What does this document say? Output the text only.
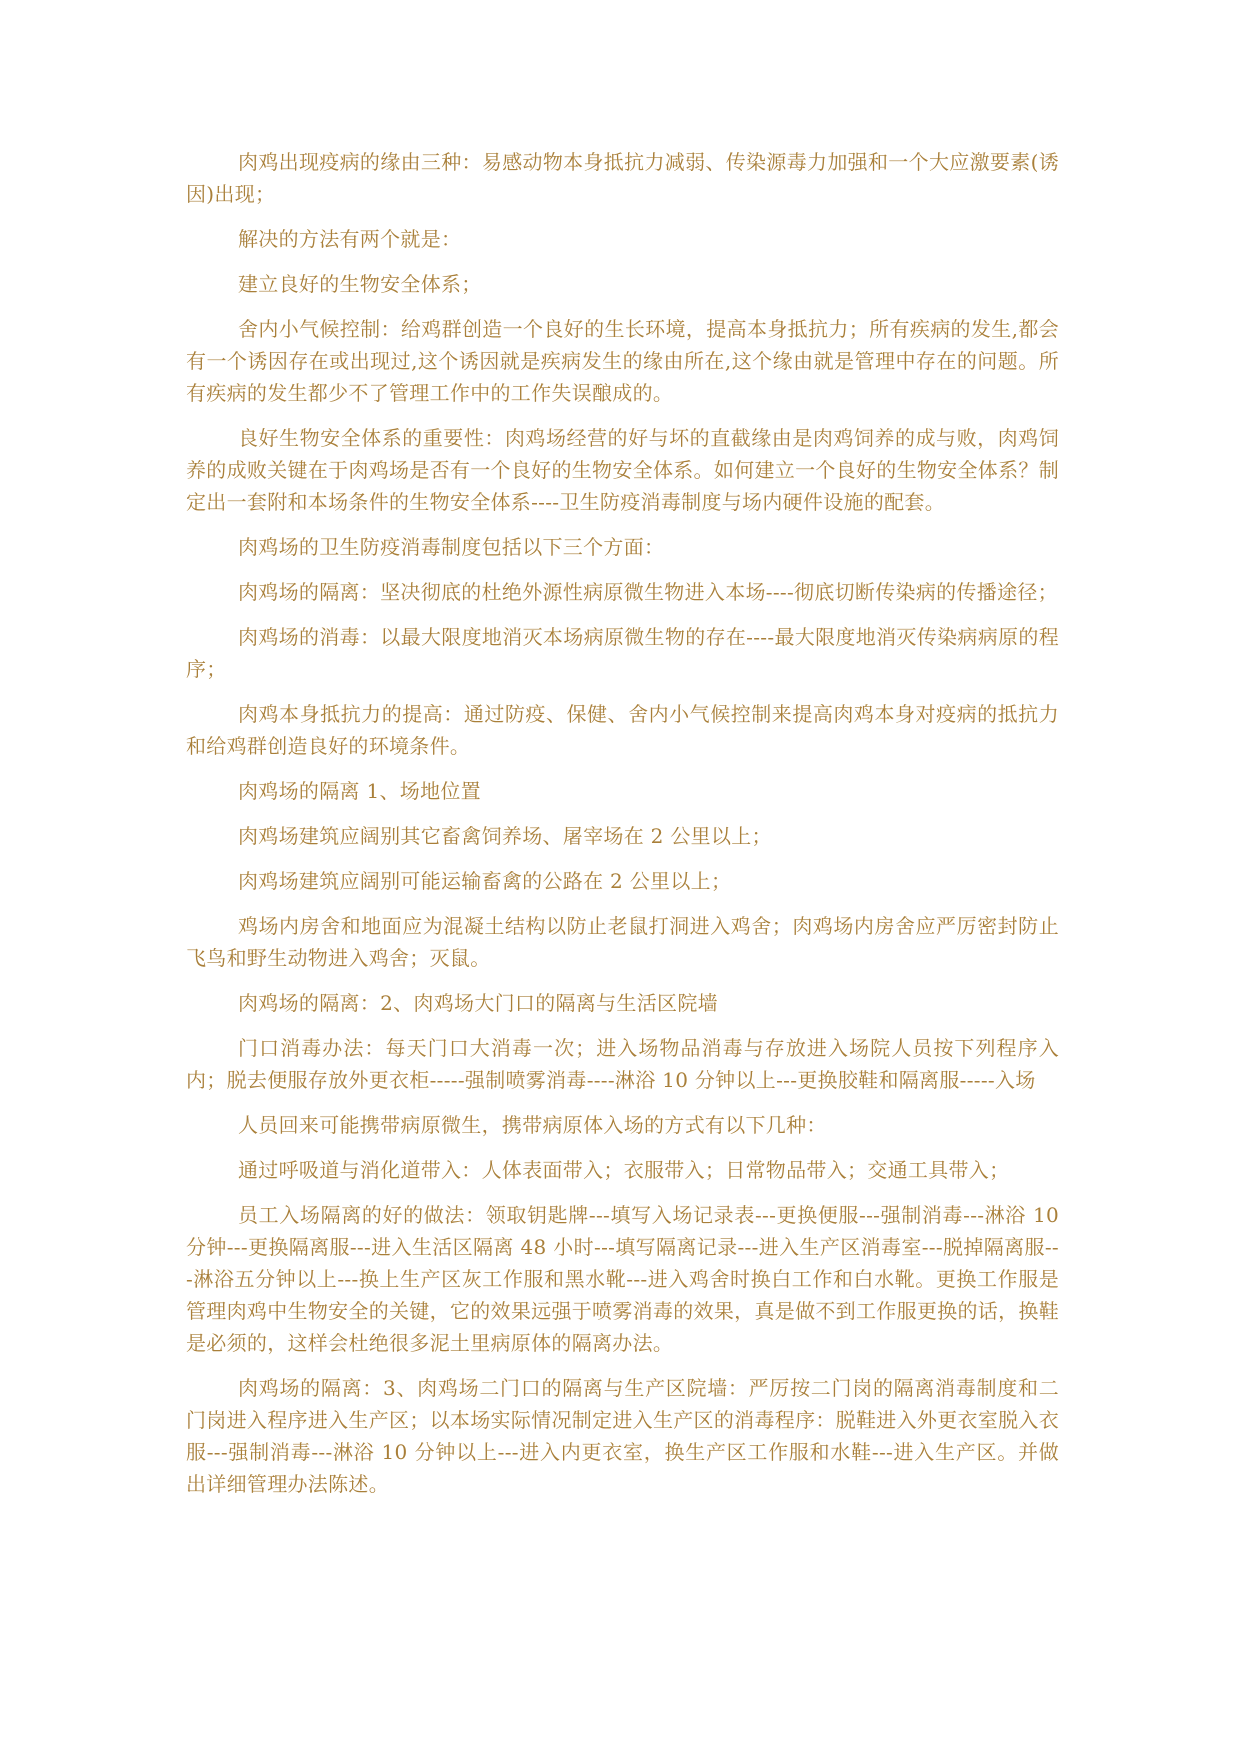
肉鸡出现疫病的缘由三种：易感动物本身抵抗力减弱、传染源毒力加强和一个大应激要素(诱因)出现；

解决的方法有两个就是：

建立良好的生物安全体系；

舍内小气候控制：给鸡群创造一个良好的生长环境，提高本身抵抗力；所有疾病的发生,都会有一个诱因存在或出现过,这个诱因就是疾病发生的缘由所在,这个缘由就是管理中存在的问题。所有疾病的发生都少不了管理工作中的工作失误酿成的。

良好生物安全体系的重要性：肉鸡场经营的好与坏的直截缘由是肉鸡饲养的成与败，肉鸡饲养的成败关键在于肉鸡场是否有一个良好的生物安全体系。如何建立一个良好的生物安全体系？制定出一套附和本场条件的生物安全体系----卫生防疫消毒制度与场内硬件设施的配套。

肉鸡场的卫生防疫消毒制度包括以下三个方面：

肉鸡场的隔离：坚决彻底的杜绝外源性病原微生物进入本场----彻底切断传染病的传播途径；

肉鸡场的消毒：以最大限度地消灭本场病原微生物的存在----最大限度地消灭传染病病原的程序；

肉鸡本身抵抗力的提高：通过防疫、保健、舍内小气候控制来提高肉鸡本身对疫病的抵抗力和给鸡群创造良好的环境条件。

肉鸡场的隔离 1、场地位置

肉鸡场建筑应阔别其它畜禽饲养场、屠宰场在 2 公里以上；

肉鸡场建筑应阔别可能运输畜禽的公路在 2 公里以上；

鸡场内房舍和地面应为混凝土结构以防止老鼠打洞进入鸡舍；肉鸡场内房舍应严厉密封防止飞鸟和野生动物进入鸡舍；灭鼠。

肉鸡场的隔离：2、肉鸡场大门口的隔离与生活区院墙

门口消毒办法：每天门口大消毒一次；进入场物品消毒与存放进入场院人员按下列程序入内；脱去便服存放外更衣柜-----强制喷雾消毒----淋浴 10 分钟以上---更换胶鞋和隔离服-----入场

人员回来可能携带病原微生，携带病原体入场的方式有以下几种：

通过呼吸道与消化道带入：人体表面带入；衣服带入；日常物品带入；交通工具带入；

员工入场隔离的好的做法：领取钥匙牌---填写入场记录表---更换便服---强制消毒---淋浴 10 分钟---更换隔离服---进入生活区隔离 48 小时---填写隔离记录---进入生产区消毒室---脱掉隔离服---淋浴五分钟以上---换上生产区灰工作服和黑水靴---进入鸡舍时换白工作和白水靴。更换工作服是管理肉鸡中生物安全的关键，它的效果远强于喷雾消毒的效果，真是做不到工作服更换的话，换鞋是必须的，这样会杜绝很多泥土里病原体的隔离办法。

肉鸡场的隔离：3、肉鸡场二门口的隔离与生产区院墙：严厉按二门岗的隔离消毒制度和二门岗进入程序进入生产区；以本场实际情况制定进入生产区的消毒程序：脱鞋进入外更衣室脱入衣服---强制消毒---淋浴 10 分钟以上---进入内更衣室，换生产区工作服和水鞋---进入生产区。并做出详细管理办法陈述。
